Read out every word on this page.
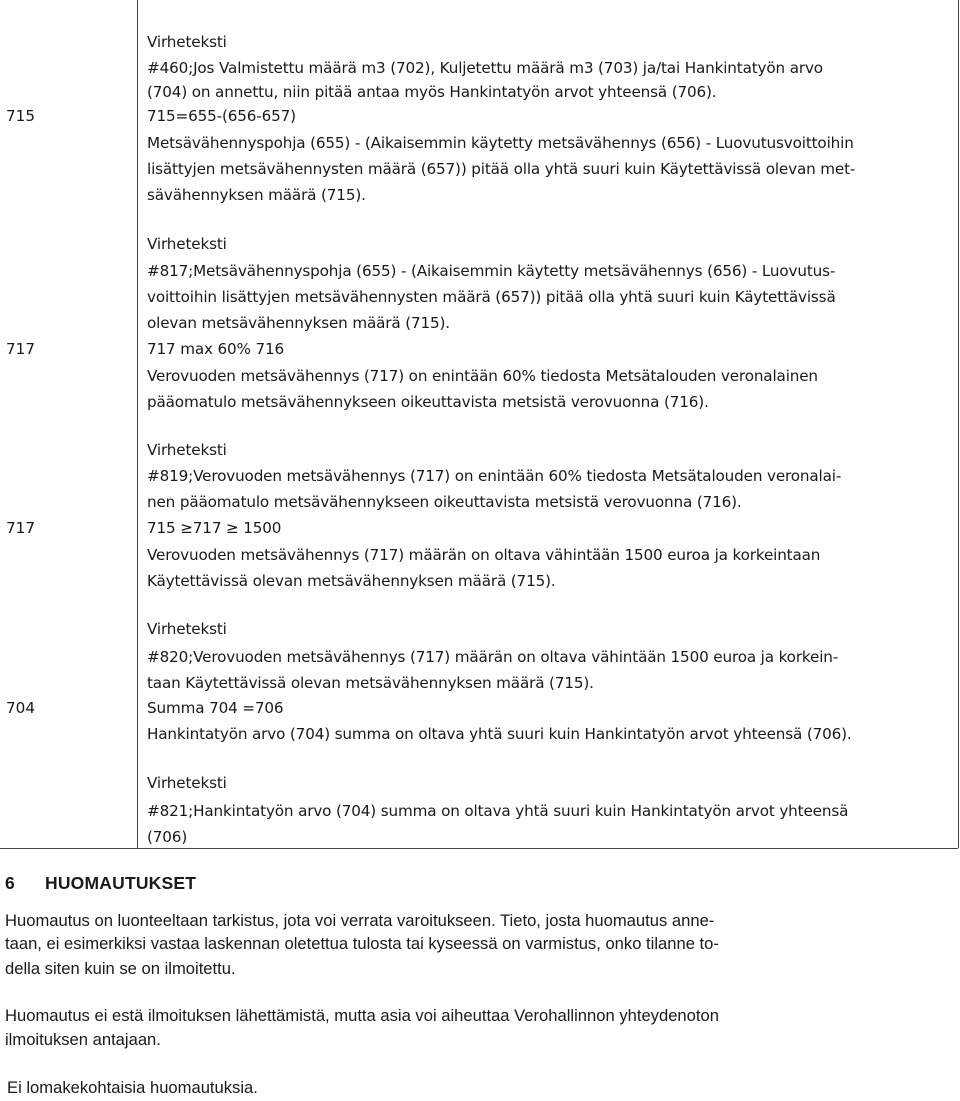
Virheteksti
#460;Jos Valmistettu määrä m3 (702), Kuljetettu määrä m3 (703) ja/tai Hankintatyön arvo
(704) on annettu, niin pitää antaa myös Hankintatyön arvot yhteensä (706).
715	715=655-(656-657)
Metsävähennyspohja (655) - (Aikaisemmin käytetty metsävähennys (656) - Luovutusvoittoihin
lisättyjen metsävähennysten määrä (657)) pitää olla yhtä suuri kuin Käytettävissä olevan met-
sävähennyksen määrä (715).
Virheteksti
#817;Metsävähennyspohja (655) - (Aikaisemmin käytetty metsävähennys (656) - Luovutus-
voittoihin lisättyjen metsävähennysten määrä (657)) pitää olla yhtä suuri kuin Käytettävissä
olevan metsävähennyksen määrä (715).
717	717 max 60% 716
Verovuoden metsävähennys (717) on enintään 60% tiedosta Metsätalouden veronalainen
pääomatulo metsävähennykseen oikeuttavista metsistä verovuonna (716).
Virheteksti
#819;Verovuoden metsävähennys (717) on enintään 60% tiedosta Metsätalouden veronalai-
nen pääomatulo metsävähennykseen oikeuttavista metsistä verovuonna (716).
717	715 ≥717 ≥ 1500
Verovuoden metsävähennys (717) määrän on oltava vähintään 1500 euroa ja korkeintaan
Käytettävissä olevan metsävähennyksen määrä (715).
Virheteksti
#820;Verovuoden metsävähennys (717) määrän on oltava vähintään 1500 euroa ja korkein-
taan Käytettävissä olevan metsävähennyksen määrä (715).
704	Summa 704 =706
Hankintatyön arvo (704) summa on oltava yhtä suuri kuin Hankintatyön arvot yhteensä (706).
Virheteksti
#821;Hankintatyön arvo (704) summa on oltava yhtä suuri kuin Hankintatyön arvot yhteensä
(706)
6 HUOMAUTUKSET
Huomautus on luonteeltaan tarkistus, jota voi verrata varoitukseen. Tieto, josta huomautus anne-
taan, ei esimerkiksi vastaa laskennan oletettua tulosta tai kyseessä on varmistus, onko tilanne to-
della siten kuin se on ilmoitettu.
Huomautus ei estä ilmoituksen lähettämistä, mutta asia voi aiheuttaa Verohallinnon yhteydenoton
ilmoituksen antajaan.
Ei lomakekohtaisia huomautuksia.
